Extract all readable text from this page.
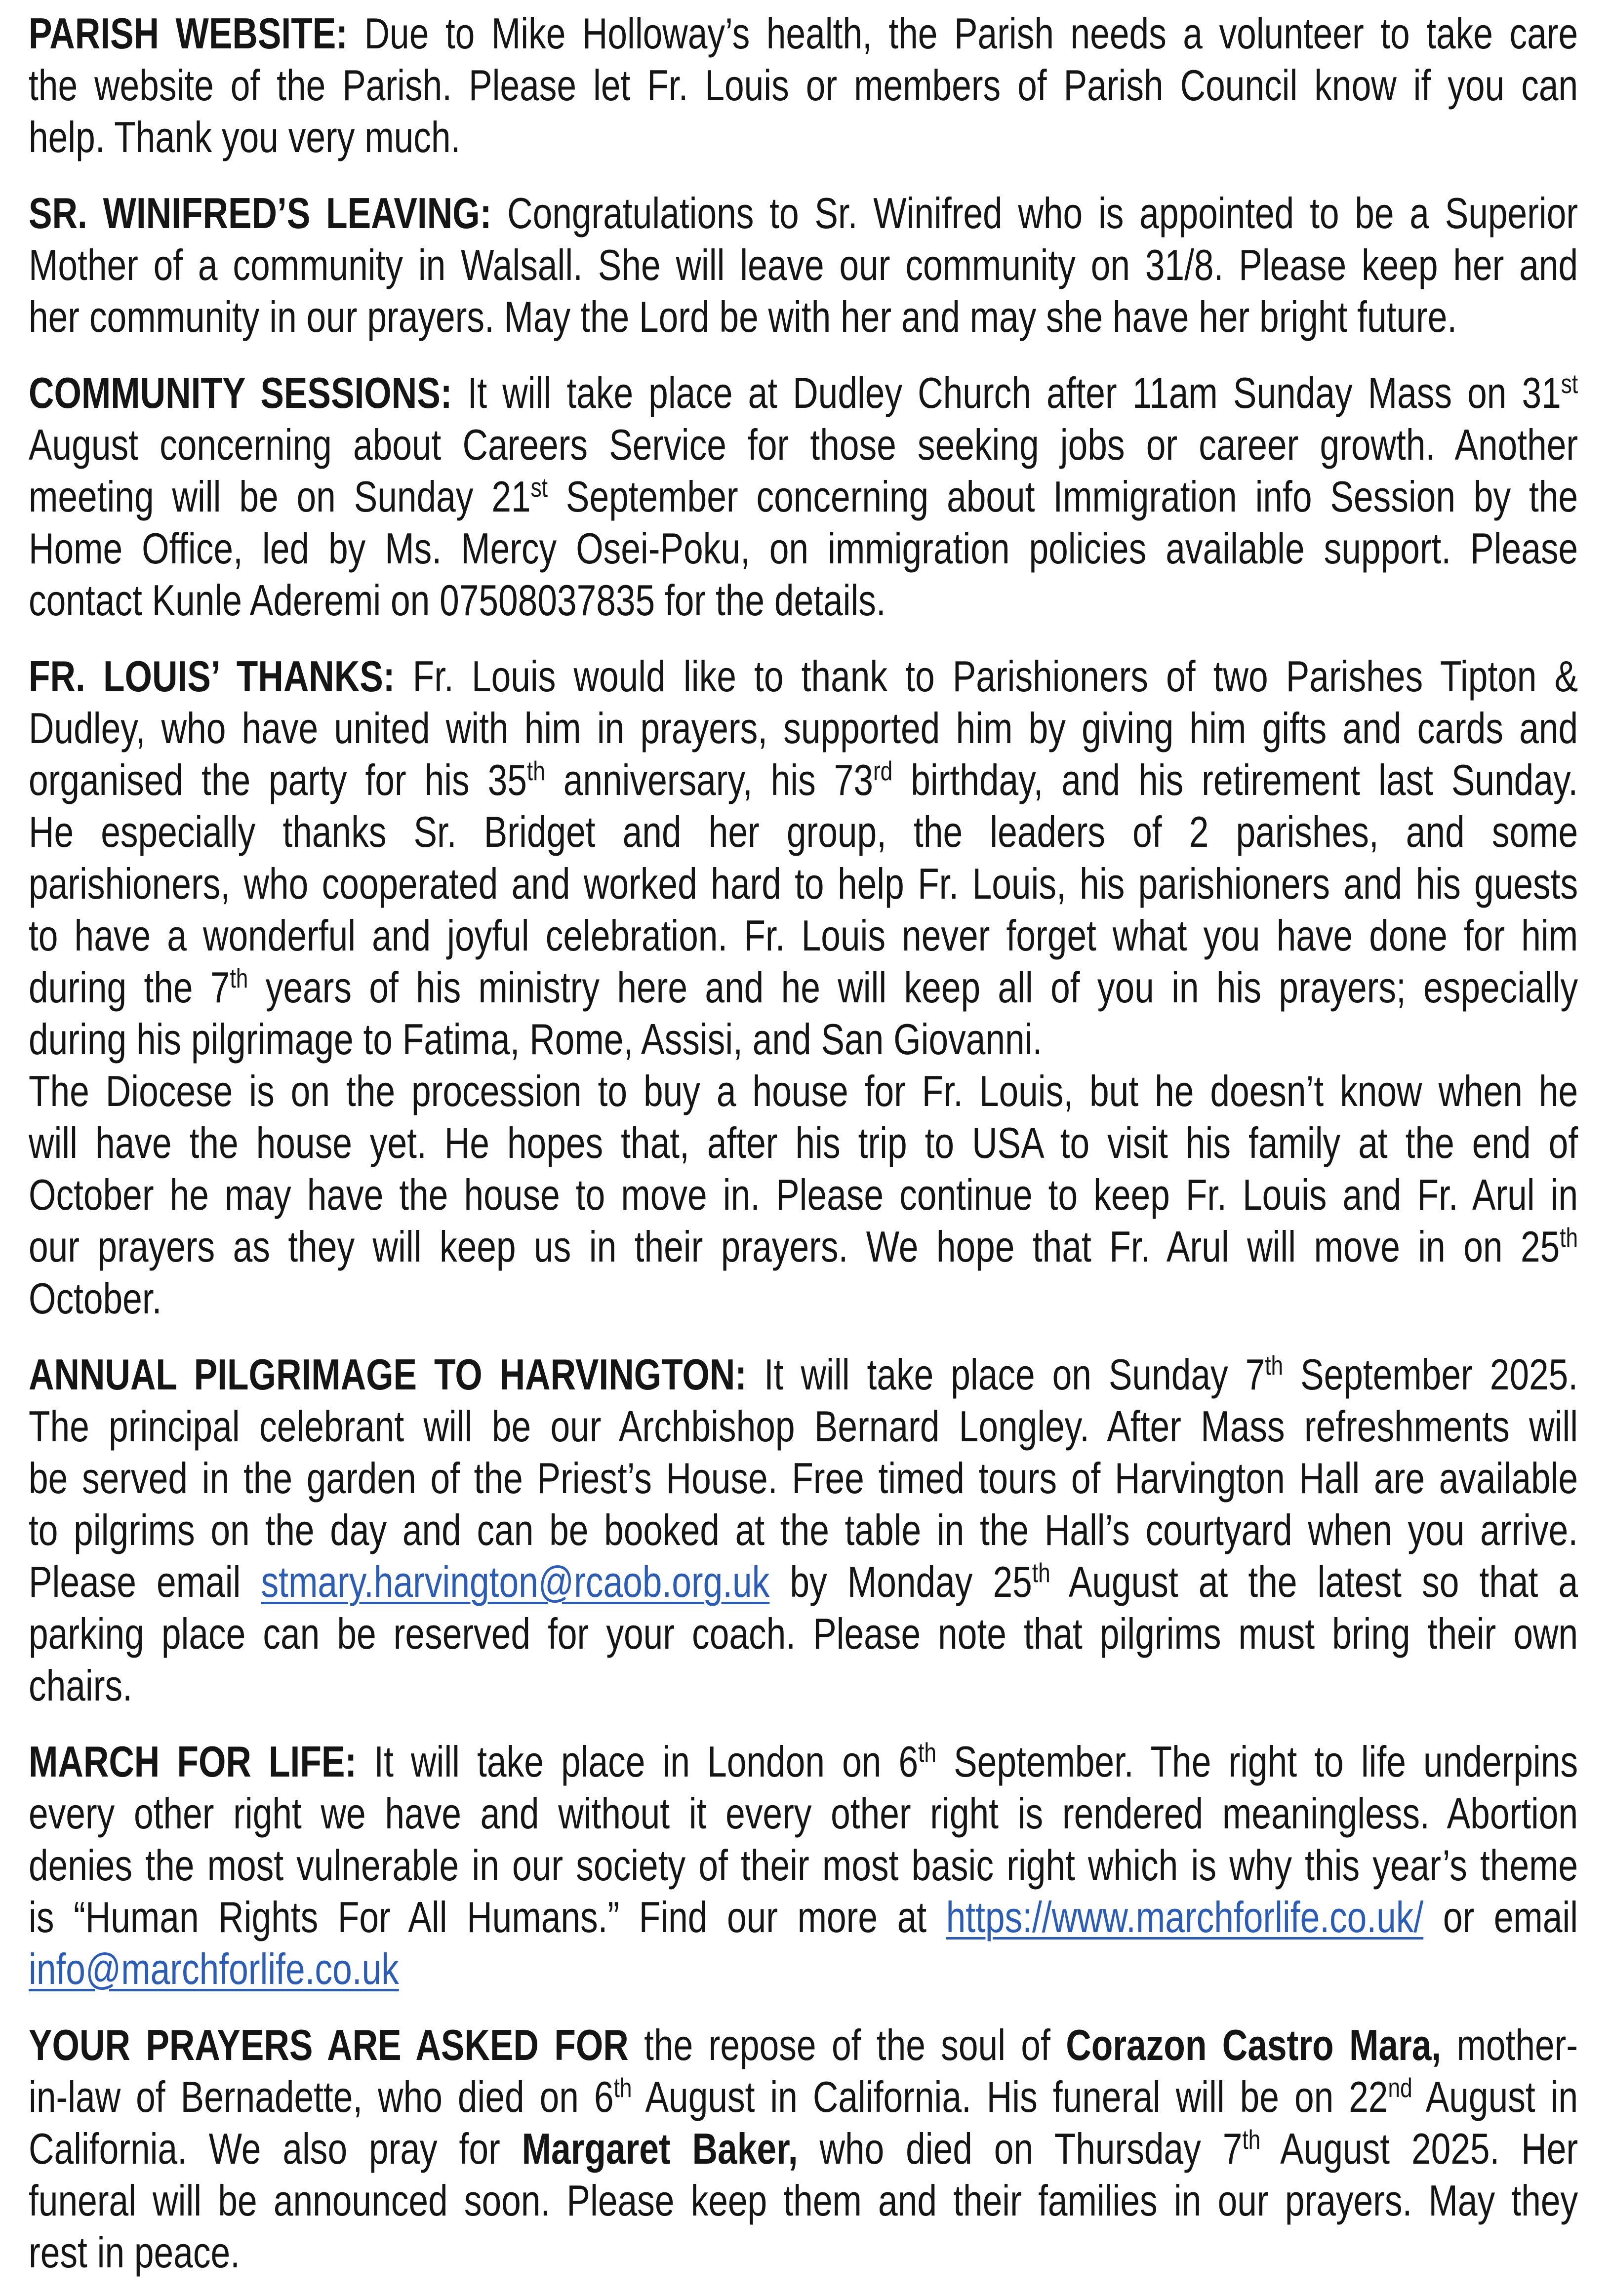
PARISH WEBSITE: Due to Mike Holloway’s health, the Parish needs a volunteer to take care
the website of the Parish. Please let Fr. Louis or members of Parish Council know if you can
help. Thank you very much.
SR. WINIFRED’S LEAVING: Congratulations to Sr. Winifred who is appointed to be a Superior
Mother of a community in Walsall. She will leave our community on 31/8. Please keep her and
her community in our prayers. May the Lord be with her and may she have her bright future.
COMMUNITY SESSIONS: It will take place at Dudley Church after 11am Sunday Mass on 31st
August concerning about Careers Service for those seeking jobs or career growth. Another
meeting will be on Sunday 21st September concerning about Immigration info Session by the
Home Office, led by Ms. Mercy Osei-Poku, on immigration policies available support. Please
contact Kunle Aderemi on 07508037835 for the details.
FR. LOUIS’ THANKS: Fr. Louis would like to thank to Parishioners of two Parishes Tipton &
Dudley, who have united with him in prayers, supported him by giving him gifts and cards and
organised the party for his 35th anniversary, his 73rd birthday, and his retirement last Sunday.
He especially thanks Sr. Bridget and her group, the leaders of 2 parishes, and some
parishioners, who cooperated and worked hard to help Fr. Louis, his parishioners and his guests
to have a wonderful and joyful celebration. Fr. Louis never forget what you have done for him
during the 7th years of his ministry here and he will keep all of you in his prayers; especially
during his pilgrimage to Fatima, Rome, Assisi, and San Giovanni.
The Diocese is on the procession to buy a house for Fr. Louis, but he doesn’t know when he
will have the house yet. He hopes that, after his trip to USA to visit his family at the end of
October he may have the house to move in. Please continue to keep Fr. Louis and Fr. Arul in
our prayers as they will keep us in their prayers. We hope that Fr. Arul will move in on 25th
October.
ANNUAL PILGRIMAGE TO HARVINGTON: It will take place on Sunday 7th September 2025.
The principal celebrant will be our Archbishop Bernard Longley. After Mass refreshments will
be served in the garden of the Priest’s House. Free timed tours of Harvington Hall are available
to pilgrims on the day and can be booked at the table in the Hall’s courtyard when you arrive.
Please email stmary.harvington@rcaob.org.uk by Monday 25th August at the latest so that a
parking place can be reserved for your coach. Please note that pilgrims must bring their own
chairs.
MARCH FOR LIFE: It will take place in London on 6th September. The right to life underpins
every other right we have and without it every other right is rendered meaningless. Abortion
denies the most vulnerable in our society of their most basic right which is why this year’s theme
is “Human Rights For All Humans.” Find our more at https://www.marchforlife.co.uk/ or email
info@marchforlife.co.uk
YOUR PRAYERS ARE ASKED FOR the repose of the soul of Corazon Castro Mara, mother-
in-law of Bernadette, who died on 6th August in California. His funeral will be on 22nd August in
California. We also pray for Margaret Baker, who died on Thursday 7th August 2025. Her
funeral will be announced soon. Please keep them and their families in our prayers. May they
rest in peace.
